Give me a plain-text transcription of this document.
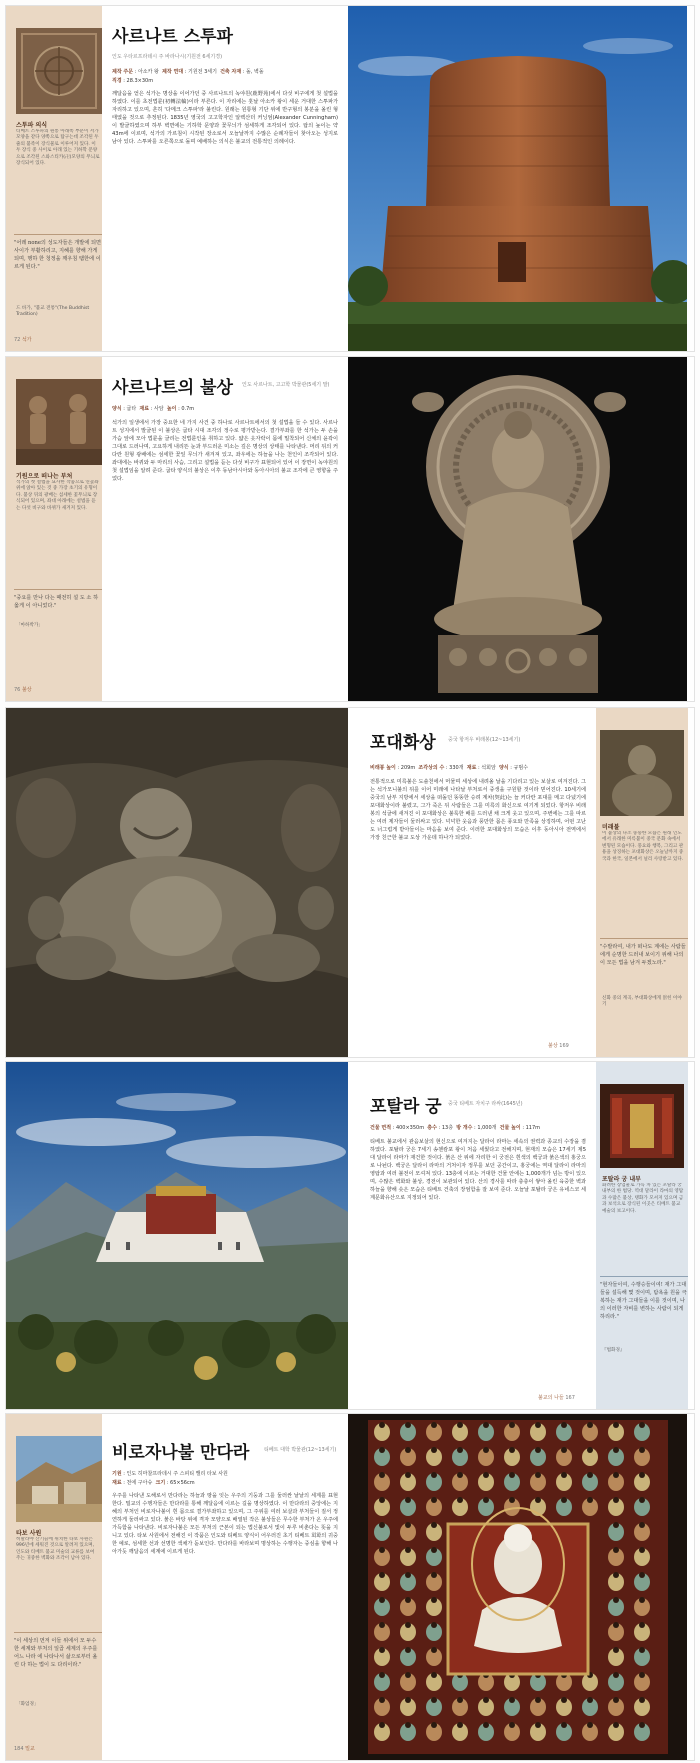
스투파 의식
티베트 스투파의 원통 아래쪽 부분이 서가 모양을 같다 양쪽으로 탑구는데 조각된 두 줄의 불족이 장식물로 이루어져 있다. 이 두 장식 중 사이로 아래 있는 기하학 문양으로 조각된 스와스티카(卍)모양의 무늬로 장식되어 있다.
"어레 none의 성도자들은 개발에 되면 사이가 부활하리고, 지혜를 향해 가게 되며, 행하 한 청정을 깨우침 땜한에 이르게 된다."
드 바가, "불교 전통"(The Buddhist Tradition)
사르나트 스투파
인도 우타르프라데시 주 바라나시(기원전 6세기경)
제작 주문 : 아소카 왕 제작 연대 : 기원전 3세기 건축 자재 : 돌, 벽돌
직경 : 28.3×30m
깨달음을 얻은 석가는 명상을 이어가던 중 사르나트의 녹야원(鹿野苑)에서 다섯 비구에게 첫 설법을 하였다. 이를 초전법륜(初轉法輪)이라 부른다. 이 자리에는 훗날 아소카 왕이 세운 거대한 스투파가 자리하고 있으며, 흔히 '다메크 스투파'라 불린다. 원래는 원통형 기단 위에 반구형의 봉분을 올린 형태였을 것으로 추정된다. 1835년 영국의 고고학자인 알렉산더 커닝엄(Alexander Cunningham)이 발굴하였으며 하부 벽면에는 기하학 문양과 꽃무늬가 섬세하게 조각되어 있다. 탑의 높이는 약 43m에 이르며, 석가의 가르침이 시작된 장소로서 오늘날까지 수많은 순례자들이 찾아오는 성지로 남아 있다. 스투파를 오른쪽으로 돌며 예배하는 의식은 불교의 전통적인 의례이다.
72 석가
기원으로 떠나는 부처
석가의 첫 설법을 묘사한 작품으로 연꽃좌 위에 앉아 있는 것 중 가장 초기의 유형이다. 불상 뒤의 광배는 섬세한 꽃무늬로 장식되어 있으며, 좌대 아래에는 설법을 듣는 다섯 비구와 바퀴가 새겨져 있다.
"중요를 만나 다는 때전히 설 도 소 하 옳게 이 아니었다."
「마하박가」
사르나트의 불상 인도 사르나트, 고고학 박물관(5세기 말)
양식 : 굽타 재료 : 사암 높이 : 0.7m
석가의 일생에서 가장 중요한 네 가지 사건 중 하나로 사르나트에서의 첫 설법을 들 수 있다. 사르나트 성지에서 발굴된 이 불상은 굽타 시대 조각의 정수로 평가받는다. 결가부좌를 한 석가는 두 손을 가슴 앞에 모아 법륜을 굴리는 전법륜인을 취하고 있다. 얇은 옷자락이 몸에 밀착되어 신체의 윤곽이 그대로 드러나며, 고요하게 내리뜬 눈과 부드러운 미소는 깊은 명상의 상태를 나타낸다. 머리 뒤의 커다란 원형 광배에는 섬세한 꽃잎 무늬가 새겨져 있고, 좌우에는 하늘을 나는 천인이 조각되어 있다. 좌대에는 바퀴와 두 마리의 사슴, 그리고 설법을 듣는 다섯 비구가 표현되어 있어 이 장면이 녹야원의 첫 설법임을 알려 준다. 굽타 양식의 불상은 이후 동남아시아와 동아시아의 불교 조각에 큰 영향을 주었다.
76 불상
포대화상 중국 항저우 비래봉(12~13세기)
비래봉 높이 : 209m 조각상의 수 : 330개 재료 : 석회암 양식 : 규범수
전통적으로 미륵불은 도솔천에서 머물며 세상에 내려올 날을 기다리고 있는 보살로 여겨진다. 그는 석가모니불의 뒤를 이어 미래에 나타날 부처로서 중생을 구원할 것이라 믿어진다. 10세기에 중국의 남부 지방에서 세상을 떠돌던 뚱뚱한 승려 계차(契此)는 늘 커다란 포대를 메고 다녔기에 포대화상이라 불렸고, 그가 죽은 뒤 사람들은 그를 미륵의 화신으로 여기게 되었다. 항저우 비래봉의 석굴에 새겨진 이 포대화상은 불룩한 배를 드러낸 채 크게 웃고 있으며, 주변에는 그를 따르는 여러 제자들이 둘러싸고 있다. 넉넉한 웃음과 풍만한 몸은 풍요와 만족을 상징하며, 어떤 고난도 너그럽게 받아들이는 마음을 보여 준다. 이러한 포대화상의 모습은 이후 동아시아 전역에서 가장 친근한 불교 도상 가운데 하나가 되었다.
미래불
이 불상의 다소 뚱뚱한 모습은 원래 인도에서 유래한 미륵불이 중국 문화 속에서 변형된 모습이다. 풍요와 행복, 그리고 관용을 상징하는 포대화상은 오늘날까지 중국과 한국, 일본에서 널리 사랑받고 있다.
"수발라여, 내가 떠나도 계에는 사람들에게 순명한 드러내 보이기 위해 나의 이 모든 법을 남겨 두겠노라."
신화 중의 계곡, 부대화상에게 얽힌 이야기
불상 169
포탈라 궁 중국 티베트 자치구 라싸(1645년)
건물 면적 : 400×350m 층수 : 13층 방 개수 : 1,000개 건물 높이 : 117m
티베트 불교에서 관음보살의 현신으로 여겨지는 달라이 라마는 세속의 권력과 종교의 수장을 겸하였다. 포탈라 궁은 7세기 송첸캄포 왕이 처음 세웠다고 전해지며, 현재의 모습은 17세기 제5대 달라이 라마가 재건한 것이다. 붉은 산 위에 자리한 이 궁전은 흰색의 백궁과 붉은색의 홍궁으로 나뉜다. 백궁은 달라이 라마의 거처이자 정무를 보던 공간이고, 홍궁에는 역대 달라이 라마의 영탑과 여러 불전이 모셔져 있다. 13층에 이르는 거대한 건물 안에는 1,000개가 넘는 방이 있으며, 수많은 벽화와 불상, 경전이 보관되어 있다. 산의 경사를 따라 층층이 쌓아 올린 육중한 벽과 하늘을 향해 솟은 모습은 티베트 건축의 장엄함을 잘 보여 준다. 오늘날 포탈라 궁은 유네스코 세계문화유산으로 지정되어 있다.
포탈라 궁 내부
화려한 장엄물로 가득 차 있는 포탈라 궁 내부의 한 법당. 역대 달라이 라마의 영탑과 수많은 불상, 탱화가 모셔져 있으며 금과 보석으로 장식된 이곳은 티베트 불교 예술의 보고이다.
"현자들이여, 수행승들이여! 재가 그대들을 설득해 몇 것이며, 탐욕을 원을 극복하는 재가 그대들을 이를 것이며, 나의 이러한 자비를 변하는 사람이 되게 하리라."
『법화경』
불교의 나들 167
타보 사원
히말라야 산기슭에 위치한 타보 사원은 996년에 세워진 것으로 알려져 있으며, 인도와 티베트 불교 미술의 교류를 보여 주는 귀중한 벽화와 조각이 남아 있다.
"이 세상의 먼저 이들 위에서 모 두수 한 세계와 부처의 일곱 세계의 우주를 어느 나라 에 나타나서 삶으로부터 올린 다 하는 법이 도 다리이라."
「화엄경」
비로자나불 만다라	티베트 대학 박물관(12~13세기)
기원 : 인도 히마찰프라데시 주 스피티 밸리 타보 사원
재료 : 천에 구아슈 크기 : 65×56cm
우주를 나타낸 도해로서 만다라는 하늘과 땅을 잇는 우주의 기둥과 그를 둘러싼 낱낱의 세계를 표현한다. 밀교의 수행자들은 만다라를 통해 깨달음에 이르는 길을 명상하였다. 이 만다라의 중앙에는 지혜의 부처인 비로자나불이 흰 몸으로 결가부좌하고 있으며, 그 주위를 여러 보살과 부처들이 질서 정연하게 둘러싸고 있다. 붉은 바탕 위에 격자 모양으로 배열된 작은 불상들은 무수한 부처가 온 우주에 가득함을 나타낸다. 비로자나불은 모든 부처의 근본이 되는 법신불로서 빛이 두루 비춘다는 뜻을 지니고 있다. 타보 사원에서 전해진 이 작품은 인도와 티베트 양식이 어우러진 초기 티베트 회화의 귀중한 예로, 섬세한 선과 선명한 색채가 돋보인다. 만다라를 바라보며 명상하는 수행자는 중심을 향해 나아가듯 깨달음의 세계에 이르게 된다.
184 밀교
